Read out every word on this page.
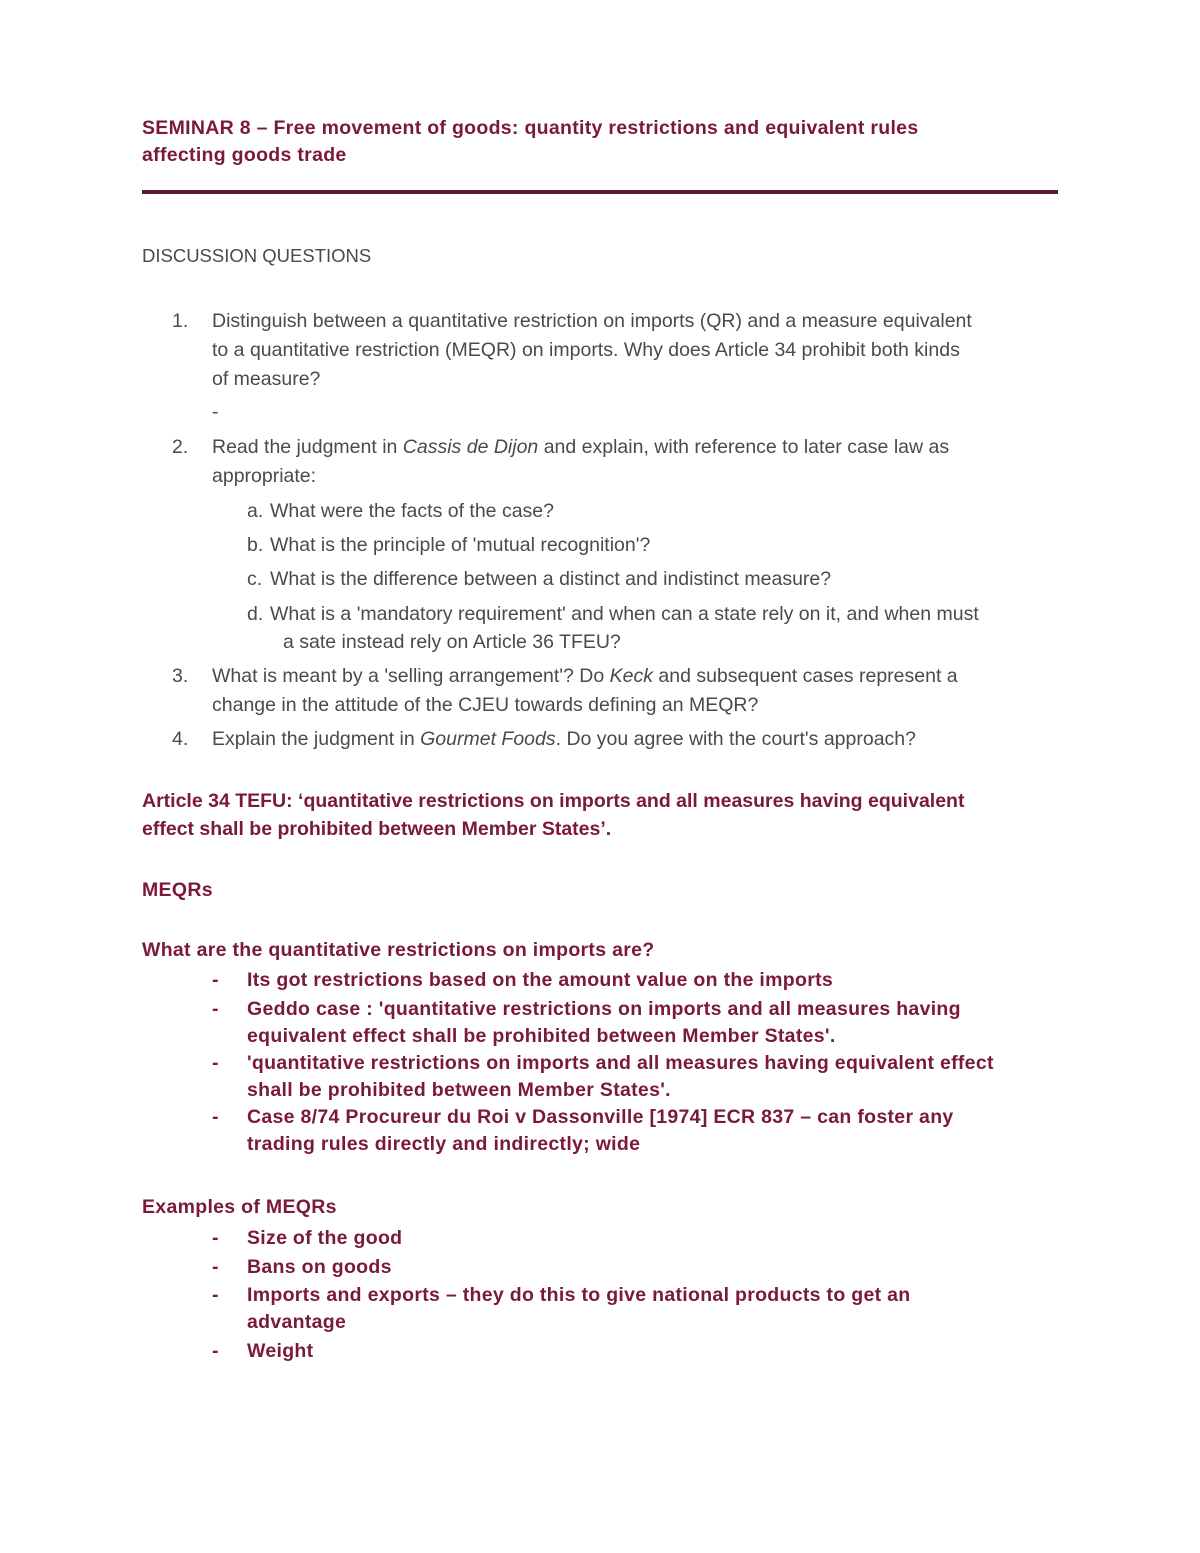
SEMINAR 8 – Free movement of goods: quantity restrictions and equivalent rules
affecting goods trade
DISCUSSION QUESTIONS
1.	Distinguish between a quantitative restriction on imports (QR) and a measure equivalent
to a quantitative restriction (MEQR) on imports. Why does Article 34 prohibit both kinds
of measure?
-
2.	Read the judgment in Cassis de Dijon and explain, with reference to later case law as
appropriate:
a. What were the facts of the case?
b. What is the principle of 'mutual recognition'?
c. What is the difference between a distinct and indistinct measure?
d. What is a 'mandatory requirement' and when can a state rely on it, and when must
a sate instead rely on Article 36 TFEU?
3.	What is meant by a 'selling arrangement'? Do Keck and subsequent cases represent a
change in the attitude of the CJEU towards defining an MEQR?
4.	Explain the judgment in Gourmet Foods. Do you agree with the court's approach?
Article 34 TEFU: ‘quantitative restrictions on imports and all measures having equivalent
effect shall be prohibited between Member States’.
MEQRs
What are the quantitative restrictions on imports are?
-	Its got restrictions based on the amount value on the imports
-	Geddo case : 'quantitative restrictions on imports and all measures having
equivalent effect shall be prohibited between Member States'.
-	'quantitative restrictions on imports and all measures having equivalent effect
shall be prohibited between Member States'.
-	Case 8/74 Procureur du Roi v Dassonville [1974] ECR 837 – can foster any
trading rules directly and indirectly; wide
Examples of MEQRs
-	Size of the good
-	Bans on goods
-	Imports and exports – they do this to give national products to get an
advantage
-	Weight
